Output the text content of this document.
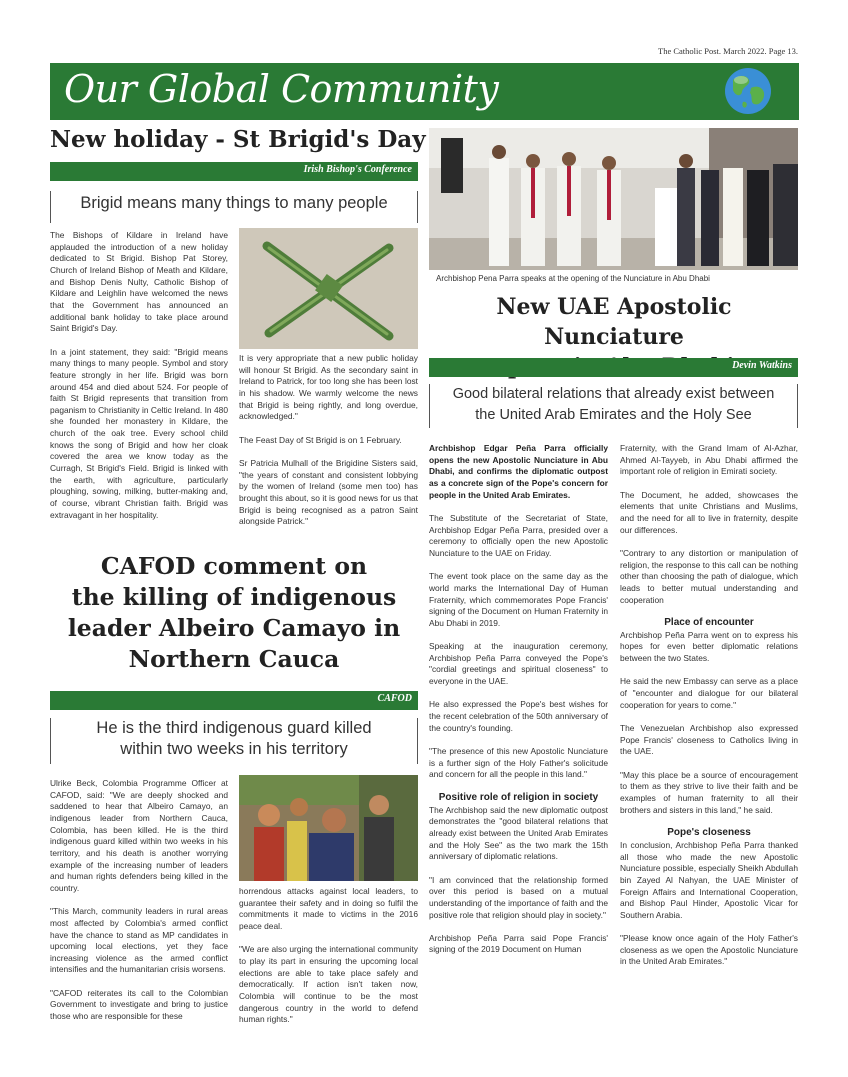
The Catholic Post. March 2022. Page 13.
Our Global Community
New holiday - St Brigid's Day
Irish Bishop's Conference
Brigid means many things to many people

The Bishops of Kildare in Ireland have applauded the introduction of a new holiday dedicated to St Brigid. Bishop Pat Storey, Church of Ireland Bishop of Meath and Kildare, and Bishop Denis Nulty, Catholic Bishop of Kildare and Leighlin have welcomed the news that the Government has announced an additional bank holiday to take place around Saint Brigid's Day.

In a joint statement, they said: "Brigid means many things to many people. Symbol and story feature strongly in her life. Brigid was born around 454 and died about 524. For people of faith St Brigid represents that transition from paganism to Christianity in Celtic Ireland. In 480 she founded her monastery in Kildare, the church of the oak tree. Every school child knows the song of Brigid and how her cloak covered the area we know today as the Curragh, St Brigid's Field. Brigid is linked with the earth, with agriculture, particularly ploughing, sowing, milking, butter-making and, of course, vibrant Christian faith. Brigid was extravagant in her hospitality.

It is very appropriate that a new public holiday will honour St Brigid. As the secondary saint in Ireland to Patrick, for too long she has been lost in his shadow. We warmly welcome the news that Brigid is being rightly, and long overdue, acknowledged."

The Feast Day of St Brigid is on 1 February.

Sr Patricia Mulhall of the Brigidine Sisters said, "the years of constant and consistent lobbying by the women of Ireland (some men too) has brought this about, so it is good news for us that Brigid is being recognised as a patron Saint alongside Patrick."

CAFOD comment on
the killing of indigenous
leader Albeiro Camayo in
Northern Cauca
CAFOD
He is the third indigenous guard killed
within two weeks in his territory

Ulrike Beck, Colombia Programme Officer at CAFOD, said: "We are deeply shocked and saddened to hear that Albeiro Camayo, an indigenous leader from Northern Cauca, Colombia, has been killed. He is the third indigenous guard killed within two weeks in his territory, and his death is another worrying example of the increasing number of leaders and human rights defenders being killed in the country.

"This March, community leaders in rural areas most affected by Colombia's armed conflict have the chance to stand as MP candidates in upcoming local elections, yet they face increasing violence as the armed conflict intensifies and the humanitarian crisis worsens.

"CAFOD reiterates its call to the Colombian Government to investigate and bring to justice those who are responsible for these

horrendous attacks against local leaders, to guarantee their safety and in doing so fulfil the commitments it made to victims in the 2016 peace deal.

"We are also urging the international community to play its part in ensuring the upcoming local elections are able to take place safely and democratically. If action isn't taken now, Colombia will continue to be the most dangerous country in the world to defend human rights."

Archbishop Pena Parra speaks at the opening of the Nunciature in Abu Dhabi
New UAE Apostolic Nunciature
Devin Watkins
Good bilateral relations that already exist between
the United Arab Emirates and the Holy See

Archbishop Edgar Peña Parra officially opens the new Apostolic Nunciature in Abu Dhabi, and confirms the diplomatic outpost as a concrete sign of the Pope's concern for people in the United Arab Emirates.

The Substitute of the Secretariat of State, Archbishop Edgar Peña Parra, presided over a ceremony to officially open the new Apostolic Nunciature to the UAE on Friday.

The event took place on the same day as the world marks the International Day of Human Fraternity, which commemorates Pope Francis' signing of the Document on Human Fraternity in Abu Dhabi in 2019.

Speaking at the inauguration ceremony, Archbishop Peña Parra conveyed the Pope's "cordial greetings and spiritual closeness" to everyone in the UAE.

He also expressed the Pope's best wishes for the recent celebration of the 50th anniversary of the country's founding.

"The presence of this new Apostolic Nunciature is a further sign of the Holy Father's solicitude and concern for all the people in this land."

Positive role of religion in society

The Archbishop said the new diplomatic outpost demonstrates the "good bilateral relations that already exist between the United Arab Emirates and the Holy See" as the two mark the 15th anniversary of diplomatic relations.

"I am convinced that the relationship formed over this period is based on a mutual understanding of the importance of faith and the positive role that religion should play in society."

Archbishop Peña Parra said Pope Francis' signing of the 2019 Document on Human

Fraternity, with the Grand Imam of Al-Azhar, Ahmed Al-Tayyeb, in Abu Dhabi affirmed the important role of religion in Emirati society.

The Document, he added, showcases the elements that unite Christians and Muslims, and the need for all to live in fraternity, despite our differences.

"Contrary to any distortion or manipulation of religion, the response to this call can be nothing other than choosing the path of dialogue, which leads to better mutual understanding and cooperation

Place of encounter

Archbishop Peña Parra went on to express his hopes for even better diplomatic relations between the two States.

He said the new Embassy can serve as a place of "encounter and dialogue for our bilateral cooperation for years to come."

The Venezuelan Archbishop also expressed Pope Francis' closeness to Catholics living in the UAE.

"May this place be a source of encouragement to them as they strive to live their faith and be examples of human fraternity to all their brothers and sisters in this land," he said.

Pope's closeness

In conclusion, Archbishop Peña Parra thanked all those who made the new Apostolic Nunciature possible, especially Sheikh Abdullah bin Zayed Al Nahyan, the UAE Minister of Foreign Affairs and International Cooperation, and Bishop Paul Hinder, Apostolic Vicar for Southern Arabia.

"Please know once again of the Holy Father's closeness as we open the Apostolic Nunciature in the United Arab Emirates."
